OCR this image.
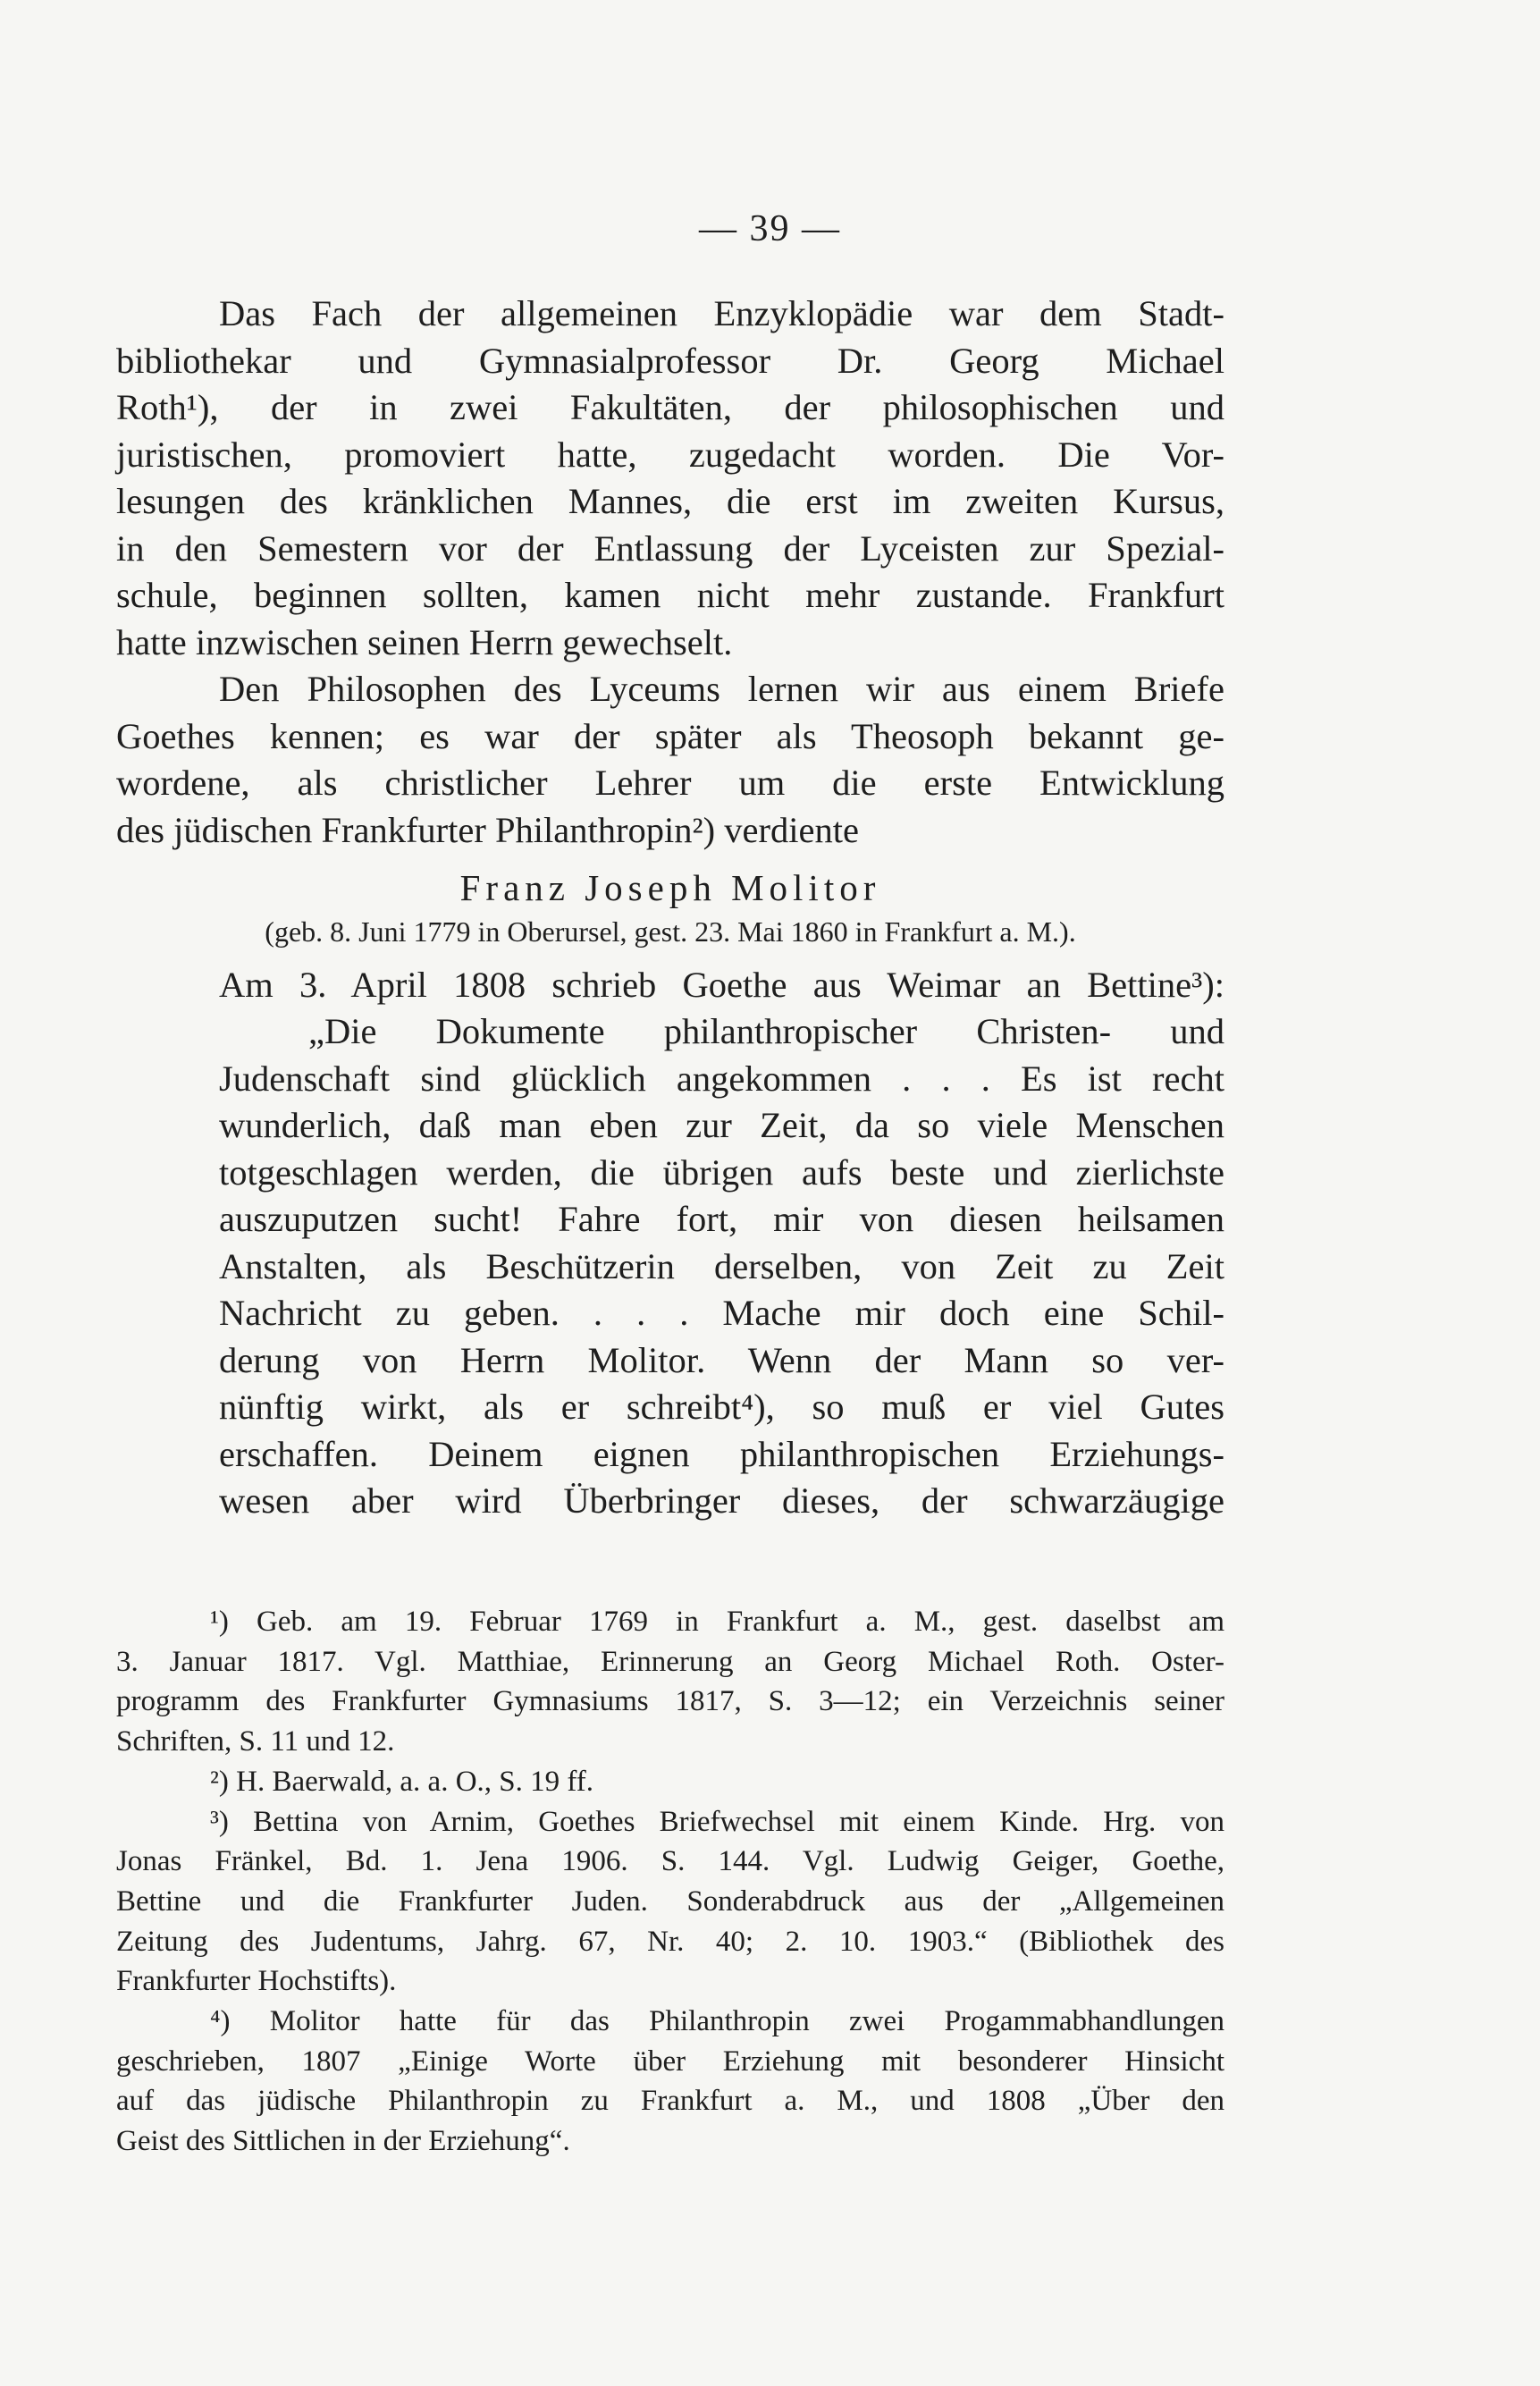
— 39 —
Das Fach der allgemeinen Enzyklopädie war dem Stadt-
bibliothekar und Gymnasialprofessor Dr. Georg Michael
Roth¹), der in zwei Fakultäten, der philosophischen und
juristischen, promoviert hatte, zugedacht worden. Die Vor-
lesungen des kränklichen Mannes, die erst im zweiten Kursus,
in den Semestern vor der Entlassung der Lyceisten zur Spezial-
schule, beginnen sollten, kamen nicht mehr zustande. Frankfurt
hatte inzwischen seinen Herrn gewechselt.
Den Philosophen des Lyceums lernen wir aus einem Briefe
Goethes kennen; es war der später als Theosoph bekannt ge-
wordene, als christlicher Lehrer um die erste Entwicklung
des jüdischen Frankfurter Philanthropin²) verdiente
Franz Joseph Molitor
(geb. 8. Juni 1779 in Oberursel, gest. 23. Mai 1860 in Frankfurt a. M.).
Am 3. April 1808 schrieb Goethe aus Weimar an Bettine³):
„Die Dokumente philanthropischer Christen- und
Judenschaft sind glücklich angekommen . . . Es ist recht
wunderlich, daß man eben zur Zeit, da so viele Menschen
totgeschlagen werden, die übrigen aufs beste und zierlichste
auszuputzen sucht! Fahre fort, mir von diesen heilsamen
Anstalten, als Beschützerin derselben, von Zeit zu Zeit
Nachricht zu geben. . . . Mache mir doch eine Schil-
derung von Herrn Molitor. Wenn der Mann so ver-
nünftig wirkt, als er schreibt⁴), so muß er viel Gutes
erschaffen. Deinem eignen philanthropischen Erziehungs-
wesen aber wird Überbringer dieses, der schwarzäugige
¹) Geb. am 19. Februar 1769 in Frankfurt a. M., gest. daselbst am
3. Januar 1817. Vgl. Matthiae, Erinnerung an Georg Michael Roth. Oster-
programm des Frankfurter Gymnasiums 1817, S. 3—12; ein Verzeichnis seiner
Schriften, S. 11 und 12.
²) H. Baerwald, a. a. O., S. 19 ff.
³) Bettina von Arnim, Goethes Briefwechsel mit einem Kinde. Hrg. von
Jonas Fränkel, Bd. 1. Jena 1906. S. 144. Vgl. Ludwig Geiger, Goethe,
Bettine und die Frankfurter Juden. Sonderabdruck aus der „Allgemeinen
Zeitung des Judentums, Jahrg. 67, Nr. 40; 2. 10. 1903.“ (Bibliothek des
Frankfurter Hochstifts).
⁴) Molitor hatte für das Philanthropin zwei Progammabhandlungen
geschrieben, 1807 „Einige Worte über Erziehung mit besonderer Hinsicht
auf das jüdische Philanthropin zu Frankfurt a. M., und 1808 „Über den
Geist des Sittlichen in der Erziehung“.
